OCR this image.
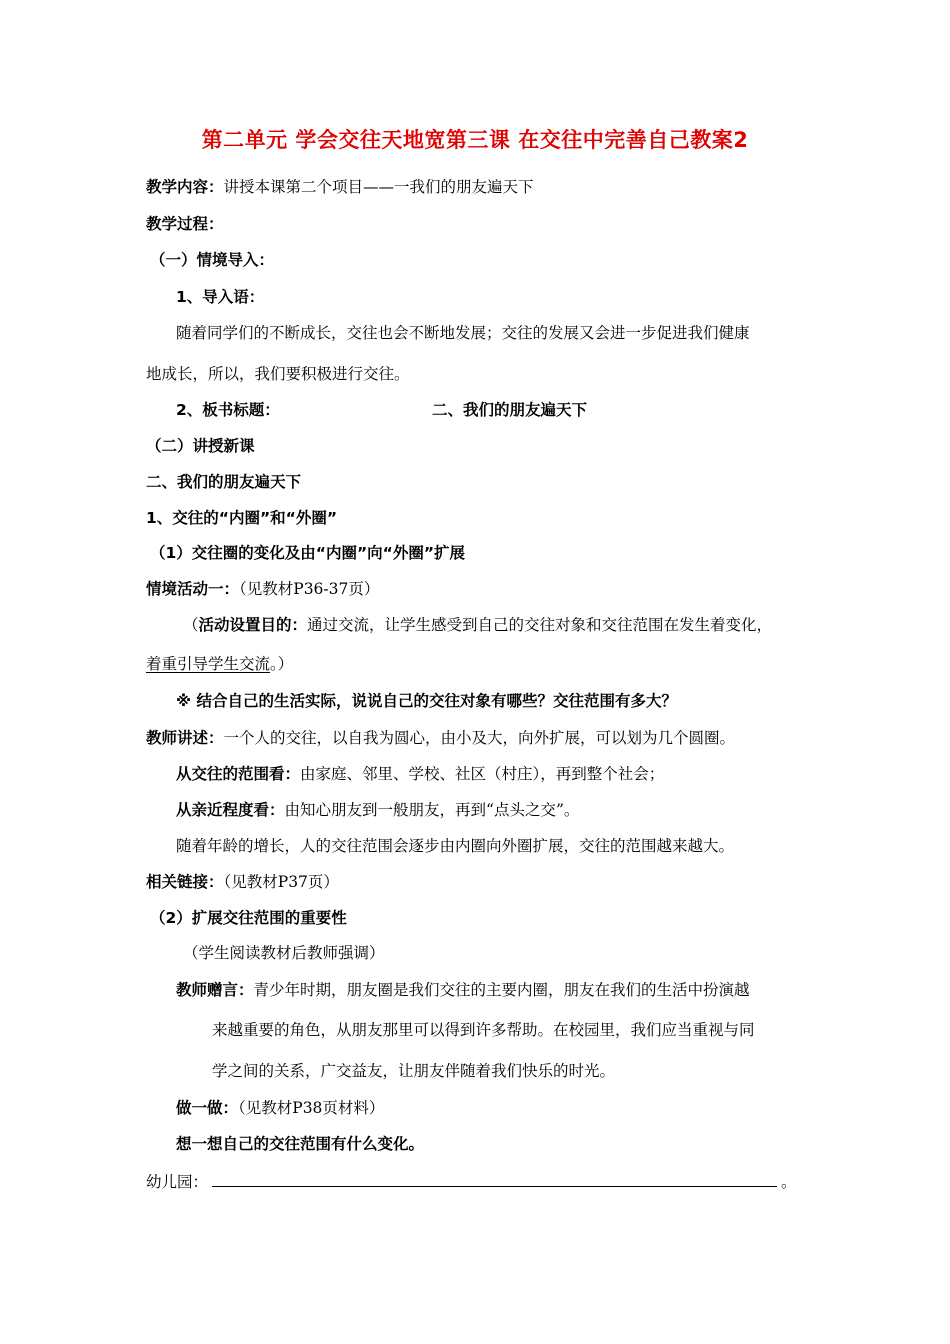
第二单元 学会交往天地宽第三课 在交往中完善自己教案2
教学内容：讲授本课第二个项目——一我们的朋友遍天下
教学过程：
（一）情境导入：
1、导入语：
随着同学们的不断成长，交往也会不断地发展；交往的发展又会进一步促进我们健康
地成长，所以，我们要积极进行交往。
2、板书标题：	二、我们的朋友遍天下
（二）讲授新课
二、我们的朋友遍天下
1、交往的“内圈”和“外圈”
（1）交往圈的变化及由“内圈”向“外圈”扩展
情境活动一：（见教材P36-37页）
（活动设置目的：通过交流，让学生感受到自己的交往对象和交往范围在发生着变化，
着重引导学生交流。）
※ 结合自己的生活实际，说说自己的交往对象有哪些？交往范围有多大？
教师讲述：一个人的交往，以自我为圆心，由小及大，向外扩展，可以划为几个圆圈。
从交往的范围看：由家庭、邻里、学校、社区（村庄），再到整个社会；
从亲近程度看：由知心朋友到一般朋友，再到“点头之交”。
随着年龄的增长，人的交往范围会逐步由内圈向外圈扩展，交往的范围越来越大。
相关链接：（见教材P37页）
（2）扩展交往范围的重要性
（学生阅读教材后教师强调）
教师赠言：青少年时期，朋友圈是我们交往的主要内圈，朋友在我们的生活中扮演越
来越重要的角色，从朋友那里可以得到许多帮助。在校园里，我们应当重视与同
学之间的关系，广交益友，让朋友伴随着我们快乐的时光。
做一做：（见教材P38页材料）
想一想自己的交往范围有什么变化。
幼儿园：	。
